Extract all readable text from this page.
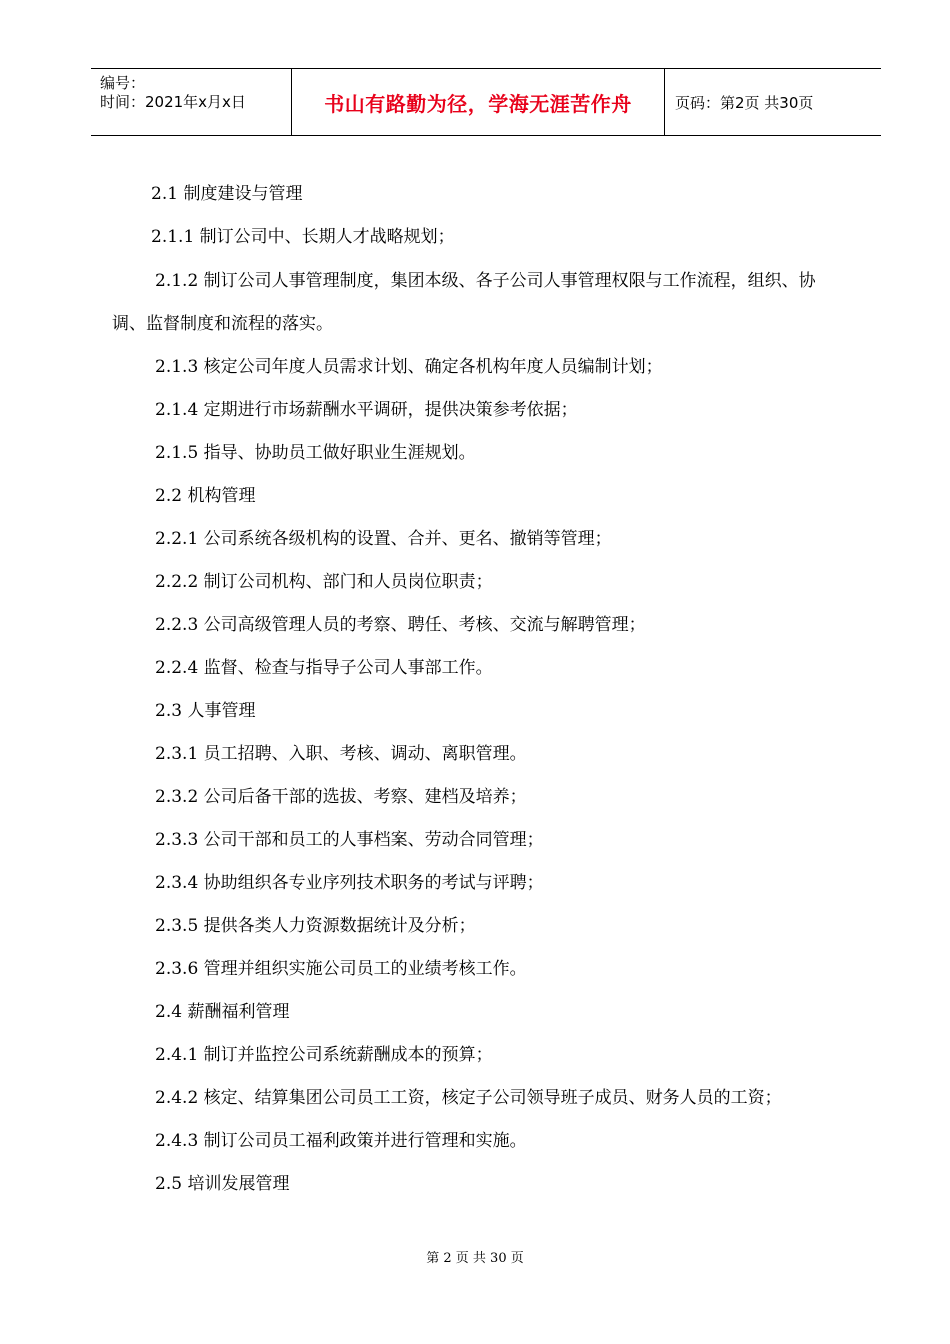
编号：
时间：2021年x月x日	书山有路勤为径，学海无涯苦作舟	页码：第2页 共30页
2.1 制度建设与管理
2.1.1 制订公司中、长期人才战略规划；
2.1.2 制订公司人事管理制度，集团本级、各子公司人事管理权限与工作流程，组织、协调、监督制度和流程的落实。
2.1.3 核定公司年度人员需求计划、确定各机构年度人员编制计划；
2.1.4 定期进行市场薪酬水平调研，提供决策参考依据；
2.1.5 指导、协助员工做好职业生涯规划。
2.2 机构管理
2.2.1 公司系统各级机构的设置、合并、更名、撤销等管理；
2.2.2 制订公司机构、部门和人员岗位职责；
2.2.3 公司高级管理人员的考察、聘任、考核、交流与解聘管理；
2.2.4 监督、检查与指导子公司人事部工作。
2.3 人事管理
2.3.1 员工招聘、入职、考核、调动、离职管理。
2.3.2 公司后备干部的选拔、考察、建档及培养；
2.3.3 公司干部和员工的人事档案、劳动合同管理；
2.3.4 协助组织各专业序列技术职务的考试与评聘；
2.3.5 提供各类人力资源数据统计及分析；
2.3.6 管理并组织实施公司员工的业绩考核工作。
2.4 薪酬福利管理
2.4.1 制订并监控公司系统薪酬成本的预算；
2.4.2 核定、结算集团公司员工工资，核定子公司领导班子成员、财务人员的工资；
2.4.3 制订公司员工福利政策并进行管理和实施。
2.5 培训发展管理
第 2 页 共 30 页
